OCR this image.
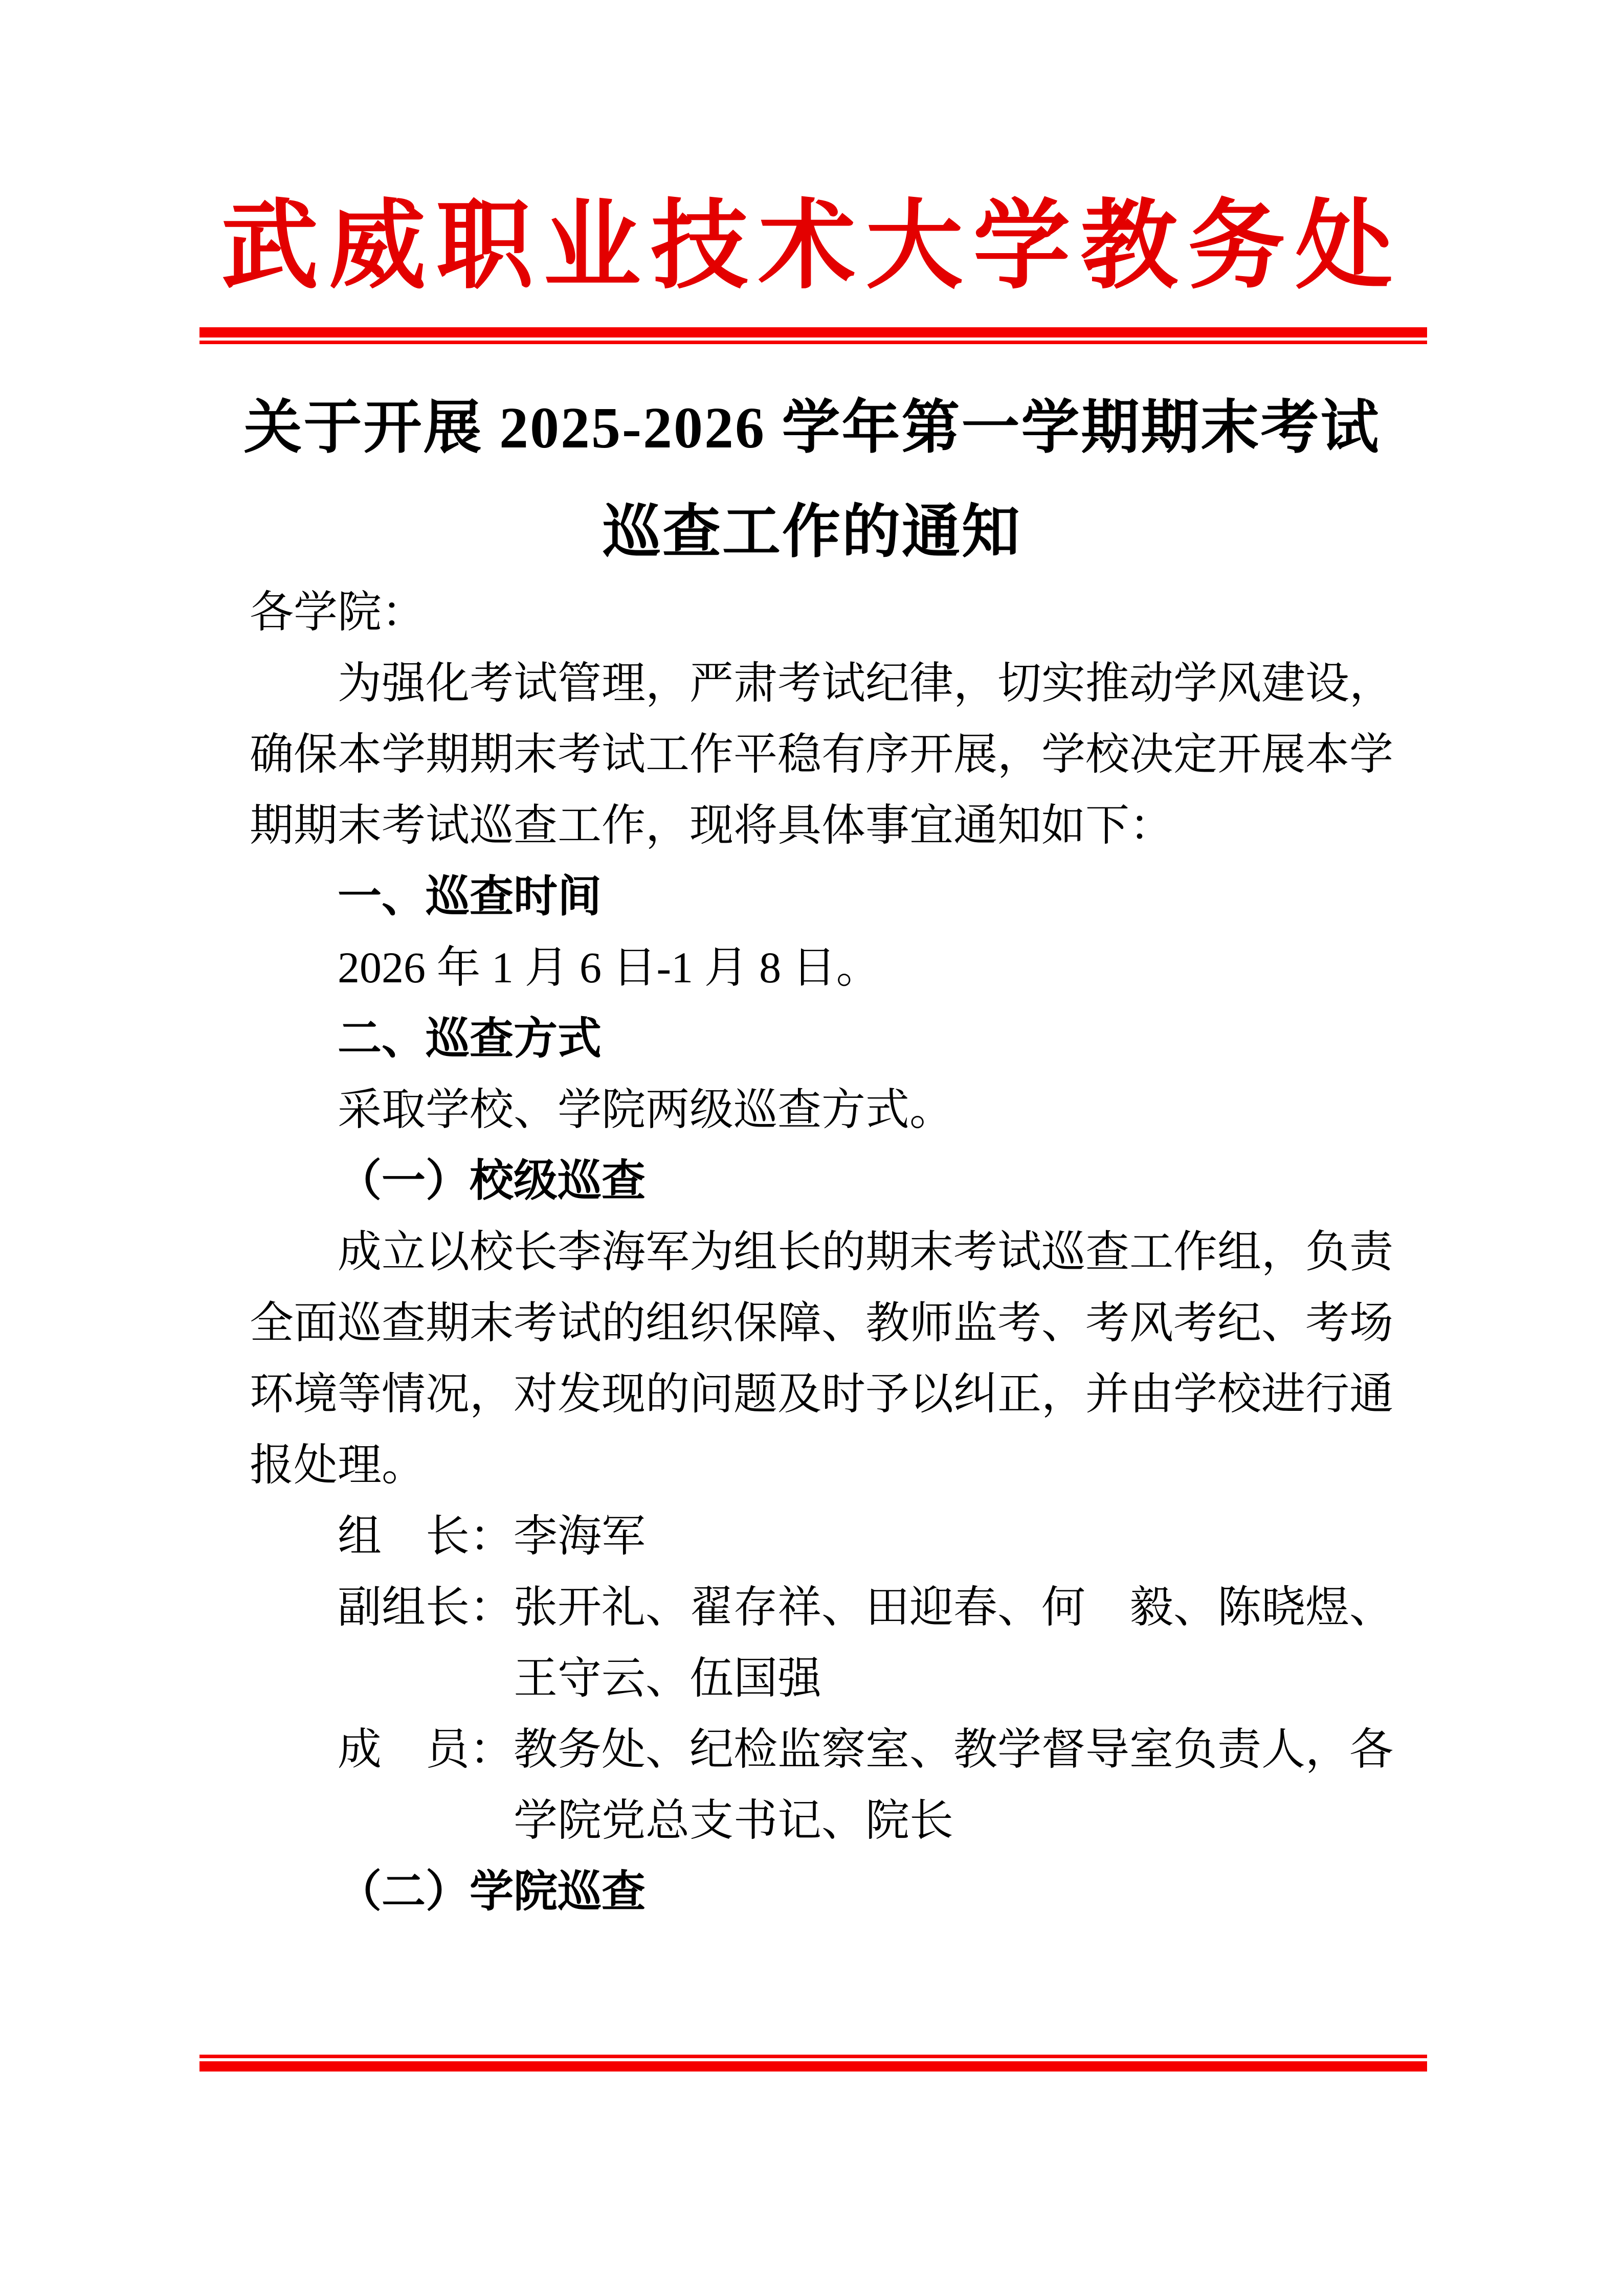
武威职业技术大学教务处
关于开展 2025-2026 学年第一学期期末考试
巡查工作的通知
各学院：
为强化考试管理，严肃考试纪律，切实推动学风建设，
确保本学期期末考试工作平稳有序开展，学校决定开展本学
期期末考试巡查工作，现将具体事宜通知如下：
一、巡查时间
2026 年 1 月 6 日-1 月 8 日。
二、巡查方式
采取学校、学院两级巡查方式。
（一）校级巡查
成立以校长李海军为组长的期末考试巡查工作组，负责
全面巡查期末考试的组织保障、教师监考、考风考纪、考场
环境等情况，对发现的问题及时予以纠正，并由学校进行通
报处理。
组　长：李海军
副组长：张开礼、翟存祥、田迎春、何　毅、陈晓煜、
王守云、伍国强
成　员：教务处、纪检监察室、教学督导室负责人，各
学院党总支书记、院长
（二）学院巡查
